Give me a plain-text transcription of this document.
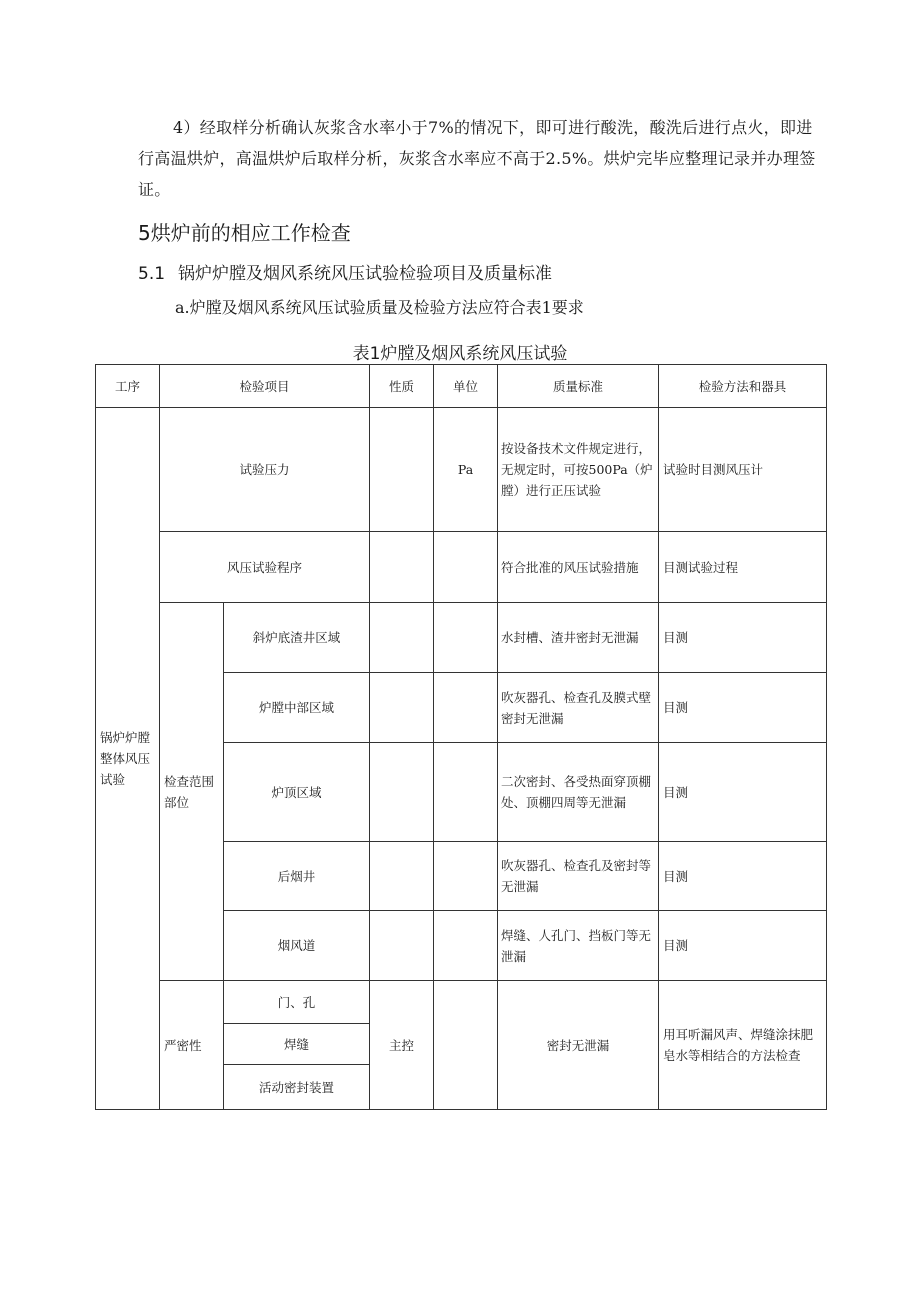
4）经取样分析确认灰浆含水率小于7%的情况下，即可进行酸洗，酸洗后进行点火，即进行高温烘炉，高温烘炉后取样分析，灰浆含水率应不高于2.5%。烘炉完毕应整理记录并办理签证。

5烘炉前的相应工作检查
5.1 锅炉炉膛及烟风系统风压试验检验项目及质量标准

a.炉膛及烟风系统风压试验质量及检验方法应符合表1要求

表1炉膛及烟风系统风压试验
工序	检验项目		性质	单位	质量标准	检验方法和器具
锅炉炉膛整体风压试验	试验压力			Pa	按设备技术文件规定进行，无规定时，可按500Pa（炉膛）进行正压试验	试验时目测风压计
	风压试验程序				符合批准的风压试验措施	目测试验过程
	检查范围部位	斜炉底渣井区域			水封槽、渣井密封无泄漏	目测
		炉膛中部区域			吹灰器孔、检查孔及膜式壁密封无泄漏	目测
		炉顶区域			二次密封、各受热面穿顶棚处、顶棚四周等无泄漏	目测
		后烟井			吹灰器孔、检查孔及密封等无泄漏	目测
		烟风道			焊缝、人孔门、挡板门等无泄漏	目测
	严密性	门、孔	主控		密封无泄漏	用耳听漏风声、焊缝涂抹肥皂水等相结合的方法检查
		焊缝				
		活动密封装置				
